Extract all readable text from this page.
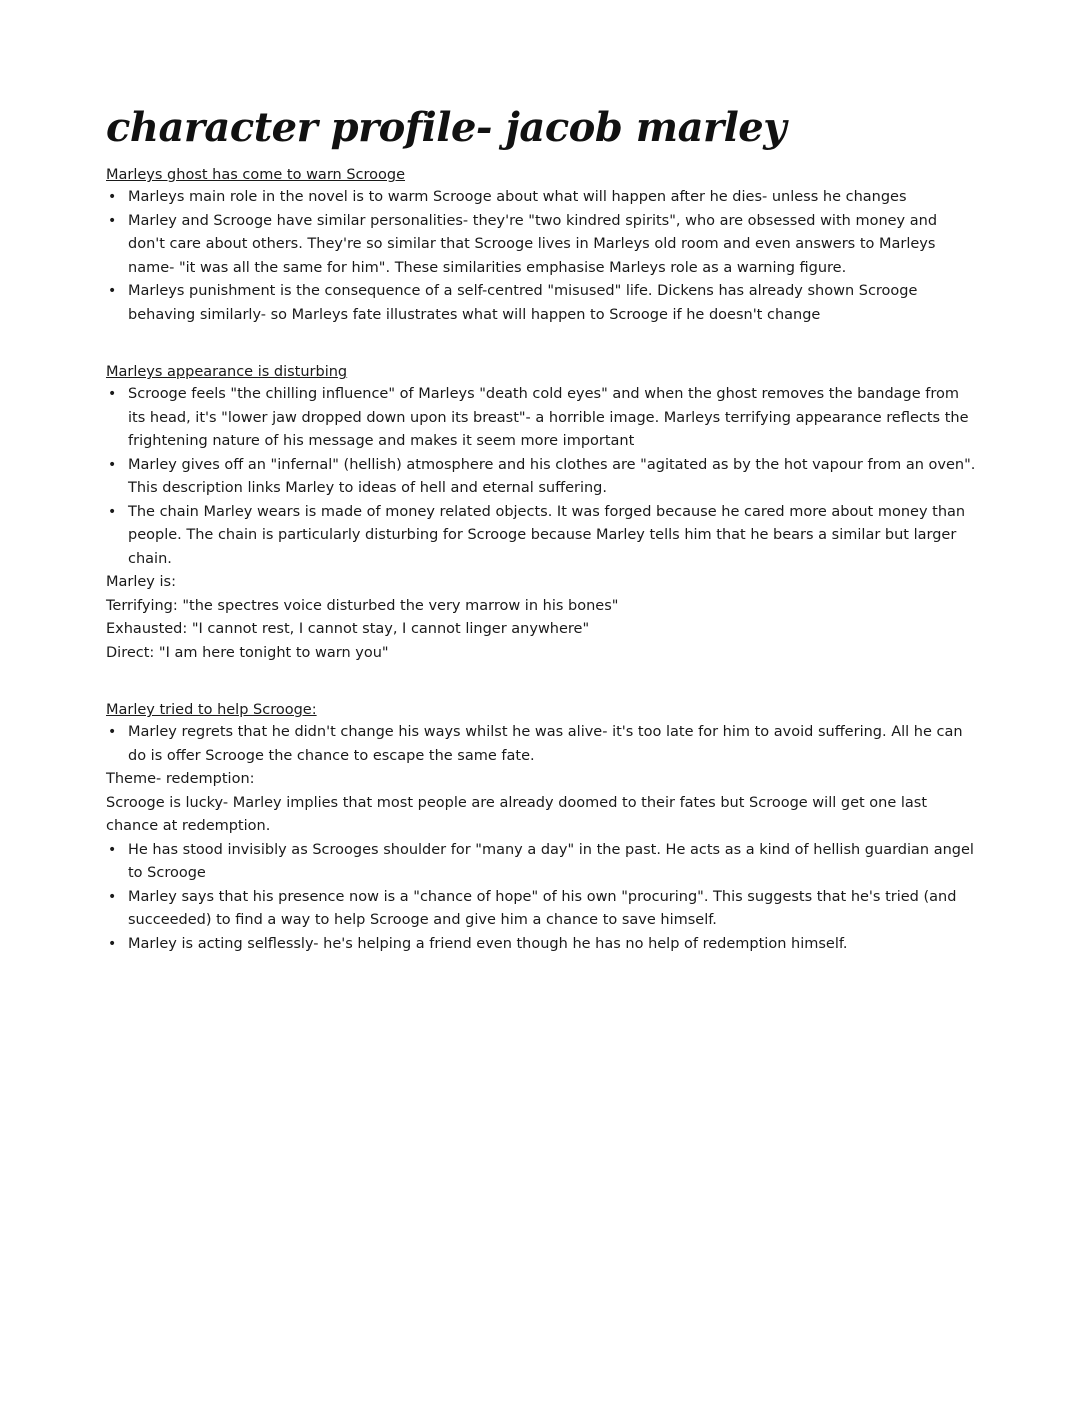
character profile- jacob marley

Marleys ghost has come to warn Scrooge

• Marleys main role in the novel is to warm Scrooge about what will happen after he dies- unless he changes
• Marley and Scrooge have similar personalities- they're "two kindred spirits", who are obsessed with money and don't care about others. They're so similar that Scrooge lives in Marleys old room and even answers to Marleys name- "it was all the same for him". These similarities emphasise Marleys role as a warning figure.
• Marleys punishment is the consequence of a self-centred "misused" life. Dickens has already shown Scrooge behaving similarly- so Marleys fate illustrates what will happen to Scrooge if he doesn't change

Marleys appearance is disturbing

• Scrooge feels "the chilling influence" of Marleys "death cold eyes" and when the ghost removes the bandage from its head, it's "lower jaw dropped down upon its breast"- a horrible image. Marleys terrifying appearance reflects the frightening nature of his message and makes it seem more important
• Marley gives off an "infernal" (hellish) atmosphere and his clothes are "agitated as by the hot vapour from an oven". This description links Marley to ideas of hell and eternal suffering.
• The chain Marley wears is made of money related objects. It was forged because he cared more about money than people. The chain is particularly disturbing for Scrooge because Marley tells him that he bears a similar but larger chain.

Marley is:

Terrifying: "the spectres voice disturbed the very marrow in his bones"

Exhausted: "I cannot rest, I cannot stay, I cannot linger anywhere"

Direct: "I am here tonight to warn you"

Marley tried to help Scrooge:

• Marley regrets that he didn't change his ways whilst he was alive- it's too late for him to avoid suffering. All he can do is offer Scrooge the chance to escape the same fate.

Theme- redemption:

Scrooge is lucky- Marley implies that most people are already doomed to their fates but Scrooge will get one last chance at redemption.

• He has stood invisibly as Scrooges shoulder for "many a day" in the past. He acts as a kind of hellish guardian angel to Scrooge
• Marley says that his presence now is a "chance of hope" of his own "procuring". This suggests that he's tried (and succeeded) to find a way to help Scrooge and give him a chance to save himself.
• Marley is acting selflessly- he's helping a friend even though he has no help of redemption himself.
